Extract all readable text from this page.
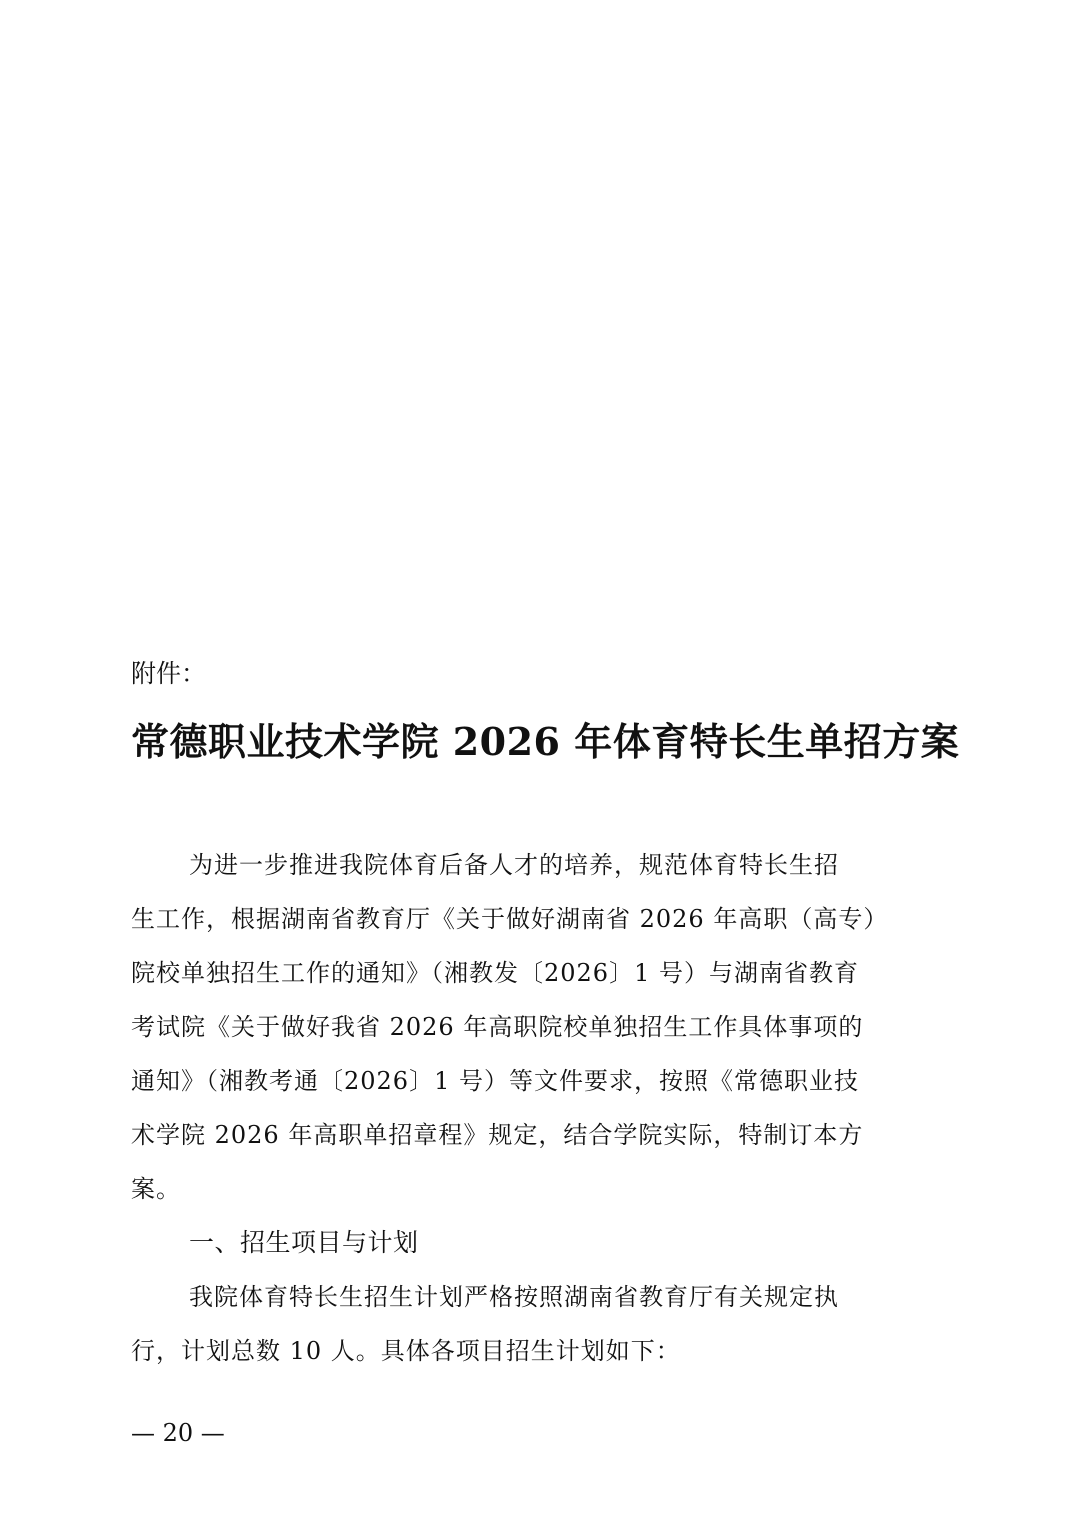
附件：
常德职业技术学院 2026 年体育特长生单招方案
为进一步推进我院体育后备人才的培养，规范体育特长生招
生工作，根据湖南省教育厅《关于做好湖南省 2026 年高职（高专）
院校单独招生工作的通知》（湘教发〔2026〕1 号）与湖南省教育
考试院《关于做好我省 2026 年高职院校单独招生工作具体事项的
通知》（湘教考通〔2026〕1 号）等文件要求，按照《常德职业技
术学院 2026 年高职单招章程》规定，结合学院实际，特制订本方
案。
一、招生项目与计划
我院体育特长生招生计划严格按照湖南省教育厅有关规定执
行，计划总数 10 人。具体各项目招生计划如下：
— 20 —
